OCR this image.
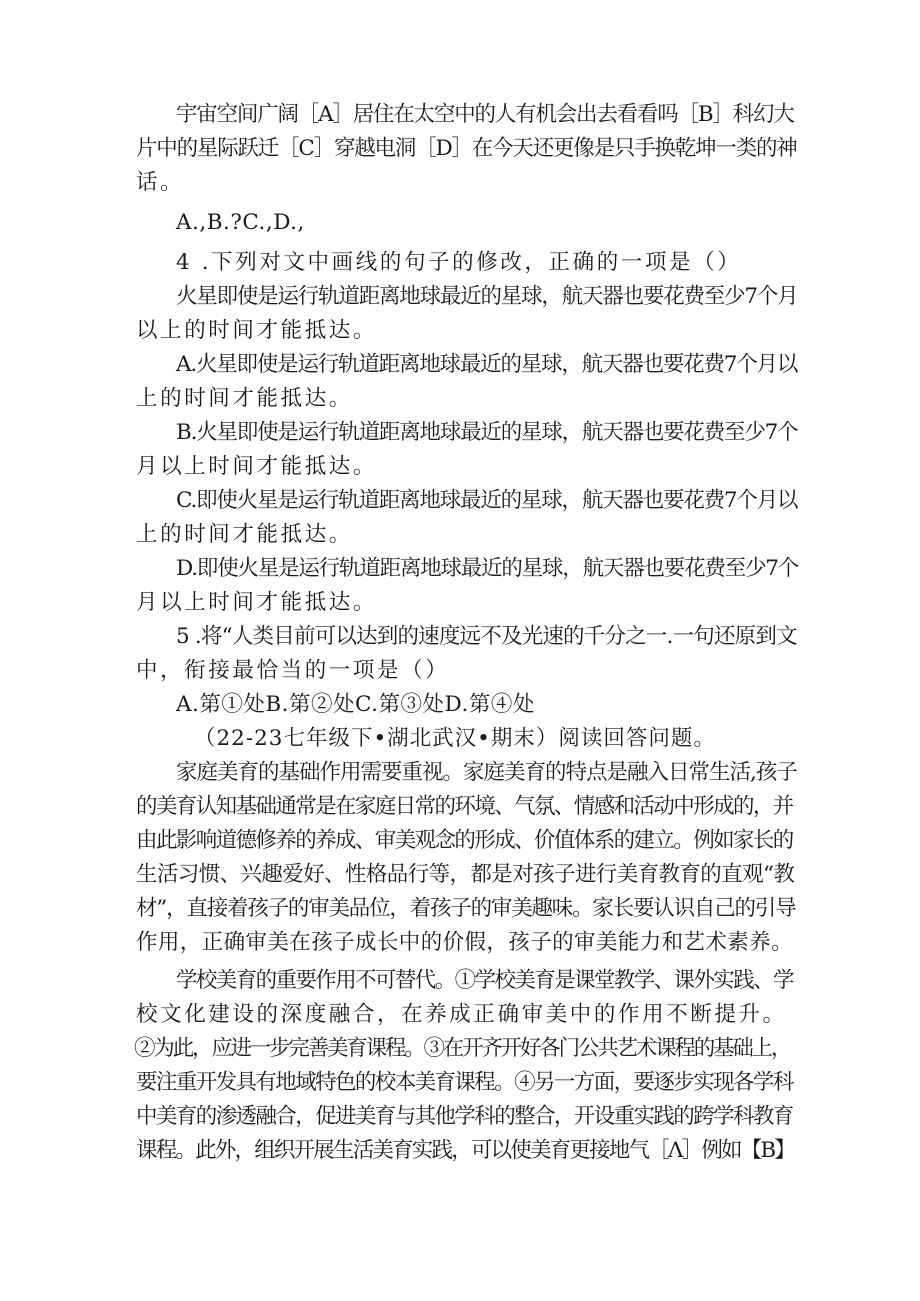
宇宙空间广阔［A］居住在太空中的人有机会出去看看吗［B］科幻大
片中的星际跃迁［C］穿越电洞［D］在今天还更像是只手换乾坤一类的神
话。
A.,B.?C.,D.,
4 .下列对文中画线的句子的修改，正确的一项是（）
火星即使是运行轨道距离地球最近的星球，航天器也要花费至少7个月
以上的时间才能抵达。
A.火星即使是运行轨道距离地球最近的星球，航天器也要花费7个月以
上的时间才能抵达。
B.火星即使是运行轨道距离地球最近的星球，航天器也要花费至少7个
月以上时间才能抵达。
C.即使火星是运行轨道距离地球最近的星球，航天器也要花费7个月以
上的时间才能抵达。
D.即使火星是运行轨道距离地球最近的星球，航天器也要花费至少7个
月以上时间才能抵达。
5 .将“人类目前可以达到的速度远不及光速的千分之一.一句还原到文
中，衔接最恰当的一项是（）
A.第①处B.第②处C.第③处D.第④处
（22-23七年级下•湖北武汉•期末）阅读回答问题。
家庭美育的基础作用需要重视。家庭美育的特点是融入日常生活,孩子
的美育认知基础通常是在家庭日常的环境、气氛、情感和活动中形成的，并
由此影响道德修养的养成、审美观念的形成、价值体系的建立。例如家长的
生活习惯、兴趣爱好、性格品行等，都是对孩子进行美育教育的直观“教
材”，直接着孩子的审美品位，着孩子的审美趣味。家长要认识自己的引导
作用，正确审美在孩子成长中的价假，孩子的审美能力和艺术素养。
学校美育的重要作用不可替代。①学校美育是课堂教学、课外实践、学
校文化建设的深度融合，在养成正确审美中的作用不断提升。
②为此，应进一步完善美育课程。③在开齐开好各门公共艺术课程的基础上，
要注重开发具有地域特色的校本美育课程。④另一方面，要逐步实现各学科
中美育的渗透融合，促进美育与其他学科的整合，开设重实践的跨学科教育
课程。此外，组织开展生活美育实践，可以使美育更接地气［Λ］例如【B】
